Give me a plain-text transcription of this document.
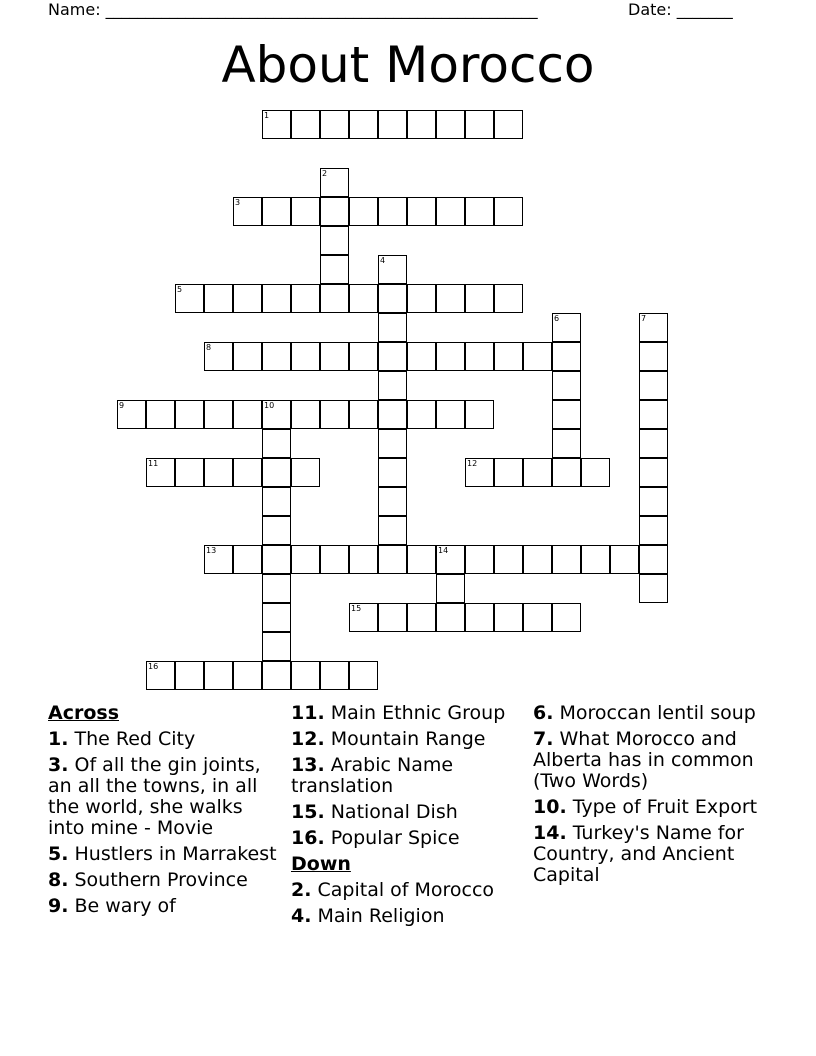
Name: ______________________________________________________	Date: _______
About Morocco
1
2
3
4
5
6	7
8
9	10
11	12
13	14
15
16
Across
1. The Red City
3. Of all the gin joints, an all the towns, in all the world, she walks into mine - Movie
5. Hustlers in Marrakest
8. Southern Province
9. Be wary of
11. Main Ethnic Group
12. Mountain Range
13. Arabic Name translation
15. National Dish
16. Popular Spice
Down
2. Capital of Morocco
4. Main Religion
6. Moroccan lentil soup
7. What Morocco and Alberta has in common (Two Words)
10. Type of Fruit Export
14. Turkey's Name for Country, and Ancient Capital
